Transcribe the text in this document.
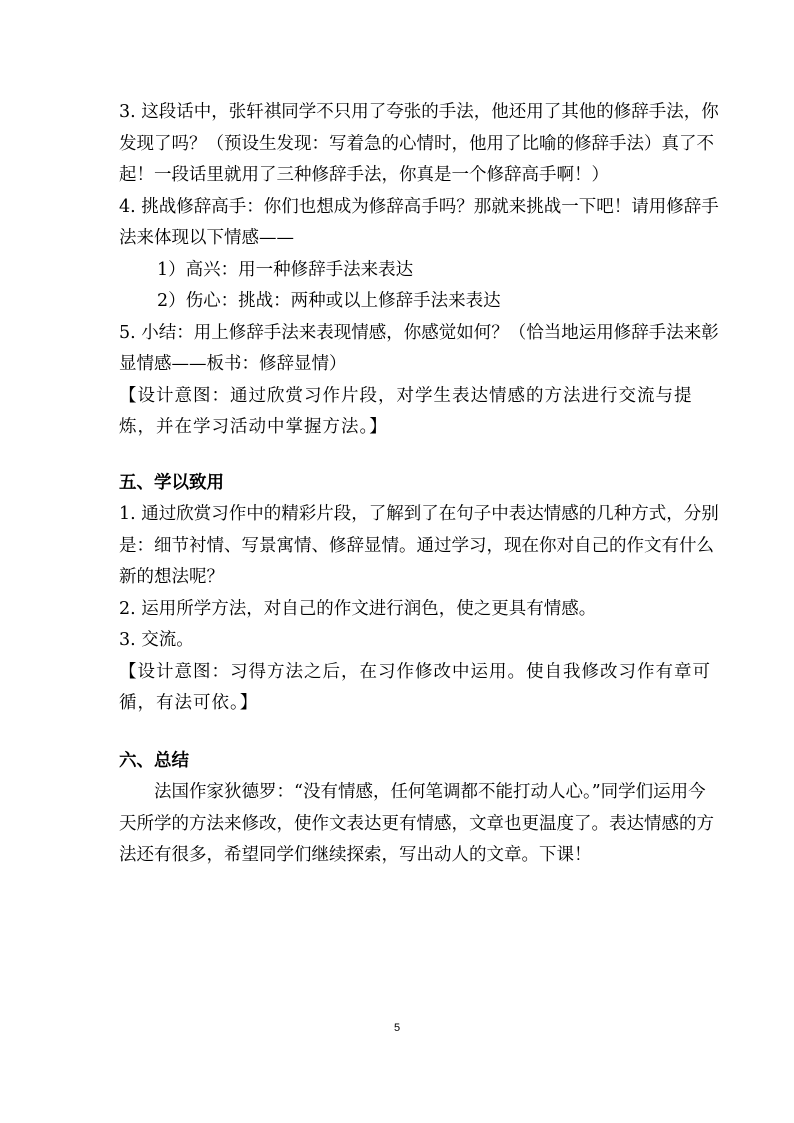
3. 这段话中，张轩祺同学不只用了夸张的手法，他还用了其他的修辞手法，你发现了吗？（预设生发现：写着急的心情时，他用了比喻的修辞手法）真了不起！一段话里就用了三种修辞手法，你真是一个修辞高手啊！）

4. 挑战修辞高手：你们也想成为修辞高手吗？那就来挑战一下吧！请用修辞手法来体现以下情感——

1）高兴：用一种修辞手法来表达

2）伤心：挑战：两种或以上修辞手法来表达

5. 小结：用上修辞手法来表现情感，你感觉如何？（恰当地运用修辞手法来彰显情感——板书：修辞显情）

【设计意图：通过欣赏习作片段，对学生表达情感的方法进行交流与提炼，并在学习活动中掌握方法。】

五、学以致用

1. 通过欣赏习作中的精彩片段，了解到了在句子中表达情感的几种方式，分别是：细节衬情、写景寓情、修辞显情。通过学习，现在你对自己的作文有什么新的想法呢？

2. 运用所学方法，对自己的作文进行润色，使之更具有情感。

3. 交流。

【设计意图：习得方法之后，在习作修改中运用。使自我修改习作有章可循，有法可依。】

六、总结

法国作家狄德罗：“没有情感，任何笔调都不能打动人心。”同学们运用今天所学的方法来修改，使作文表达更有情感，文章也更温度了。表达情感的方法还有很多，希望同学们继续探索，写出动人的文章。下课！

5
